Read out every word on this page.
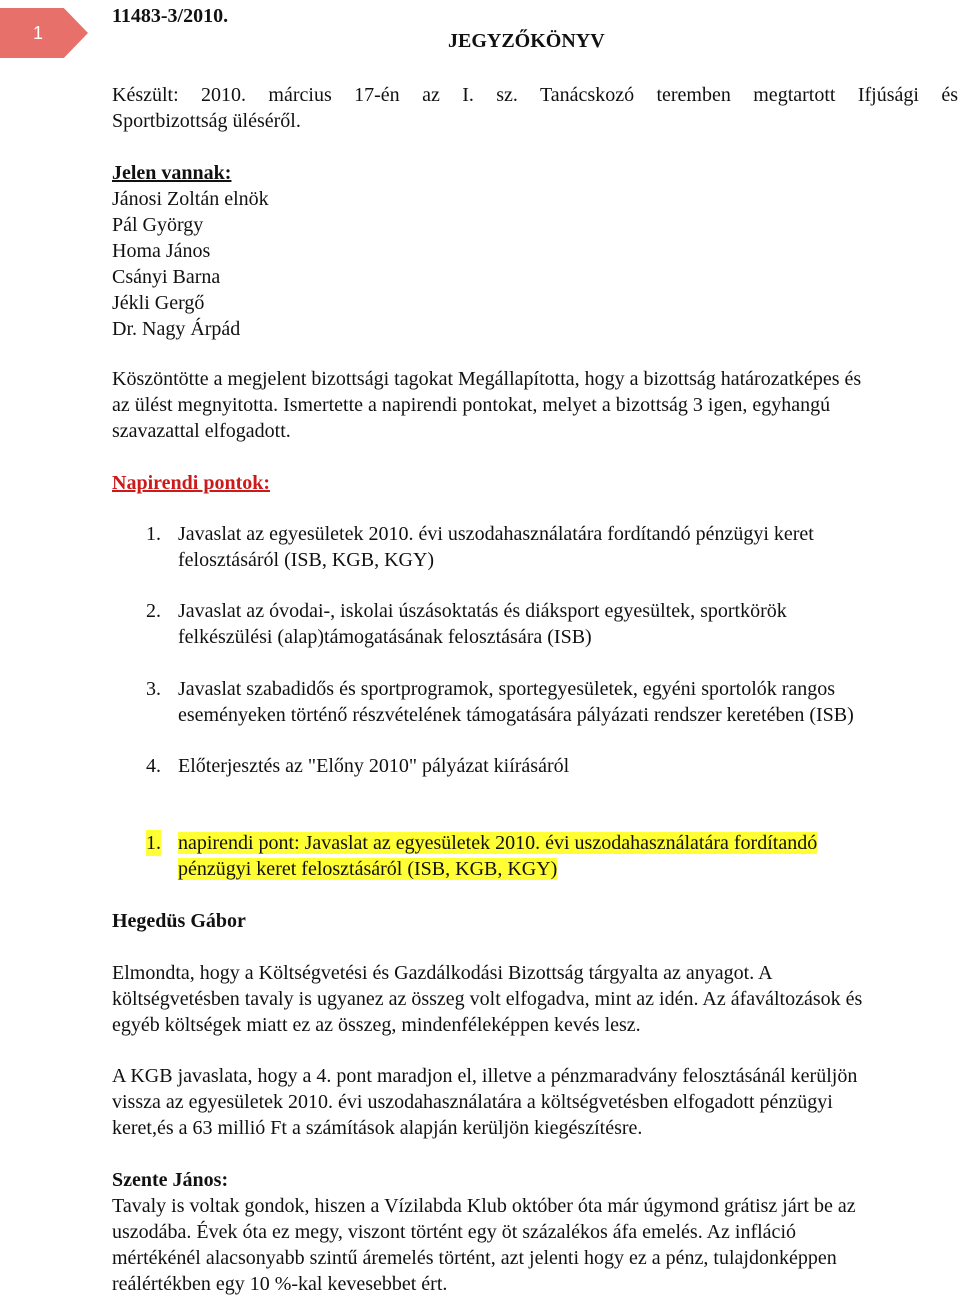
1
11483-3/2010.
JEGYZŐKÖNYV
Készült: 2010. március 17-én az I. sz. Tanácskozó teremben megtartott Ifjúsági és
Sportbizottság üléséről.
Jelen vannak:
Jánosi Zoltán elnök
Pál György
Homa János
Csányi Barna
Jékli Gergő
Dr. Nagy Árpád
Köszöntötte a megjelent bizottsági tagokat Megállapította, hogy a bizottság határozatképes és
az ülést megnyitotta. Ismertette a napirendi pontokat, melyet a bizottság 3 igen, egyhangú
szavazattal elfogadott.
Napirendi pontok:
1. Javaslat az egyesületek 2010. évi uszodahasználatára fordítandó pénzügyi keret
felosztásáról (ISB, KGB, KGY)
2. Javaslat az óvodai-, iskolai úszásoktatás és diáksport egyesültek, sportkörök
felkészülési (alap)támogatásának felosztására (ISB)
3. Javaslat szabadidős és sportprogramok, sportegyesületek, egyéni sportolók rangos
eseményeken történő részvételének támogatására pályázati rendszer keretében (ISB)
4. Előterjesztés az "Előny 2010" pályázat kiírásáról
1. napirendi pont: Javaslat az egyesületek 2010. évi uszodahasználatára fordítandó
pénzügyi keret felosztásáról (ISB, KGB, KGY)
Hegedüs Gábor
Elmondta, hogy a Költségvetési és Gazdálkodási Bizottság tárgyalta az anyagot. A
költségvetésben tavaly is ugyanez az összeg volt elfogadva, mint az idén. Az áfaváltozások és
egyéb költségek miatt ez az összeg, mindenféleképpen kevés lesz.
A KGB javaslata, hogy a 4. pont maradjon el, illetve a pénzmaradvány felosztásánál kerüljön
vissza az egyesületek 2010. évi uszodahasználatára a költségvetésben elfogadott pénzügyi
keret,és a 63 millió Ft a számítások alapján kerüljön kiegészítésre.
Szente János:
Tavaly is voltak gondok, hiszen a Vízilabda Klub október óta már úgymond grátisz járt be az
uszodába. Évek óta ez megy, viszont történt egy öt százalékos áfa emelés. Az infláció
mértékénél alacsonyabb szintű áremelés történt, azt jelenti hogy ez a pénz, tulajdonképpen
reálértékben egy 10 %-kal kevesebbet ért.
